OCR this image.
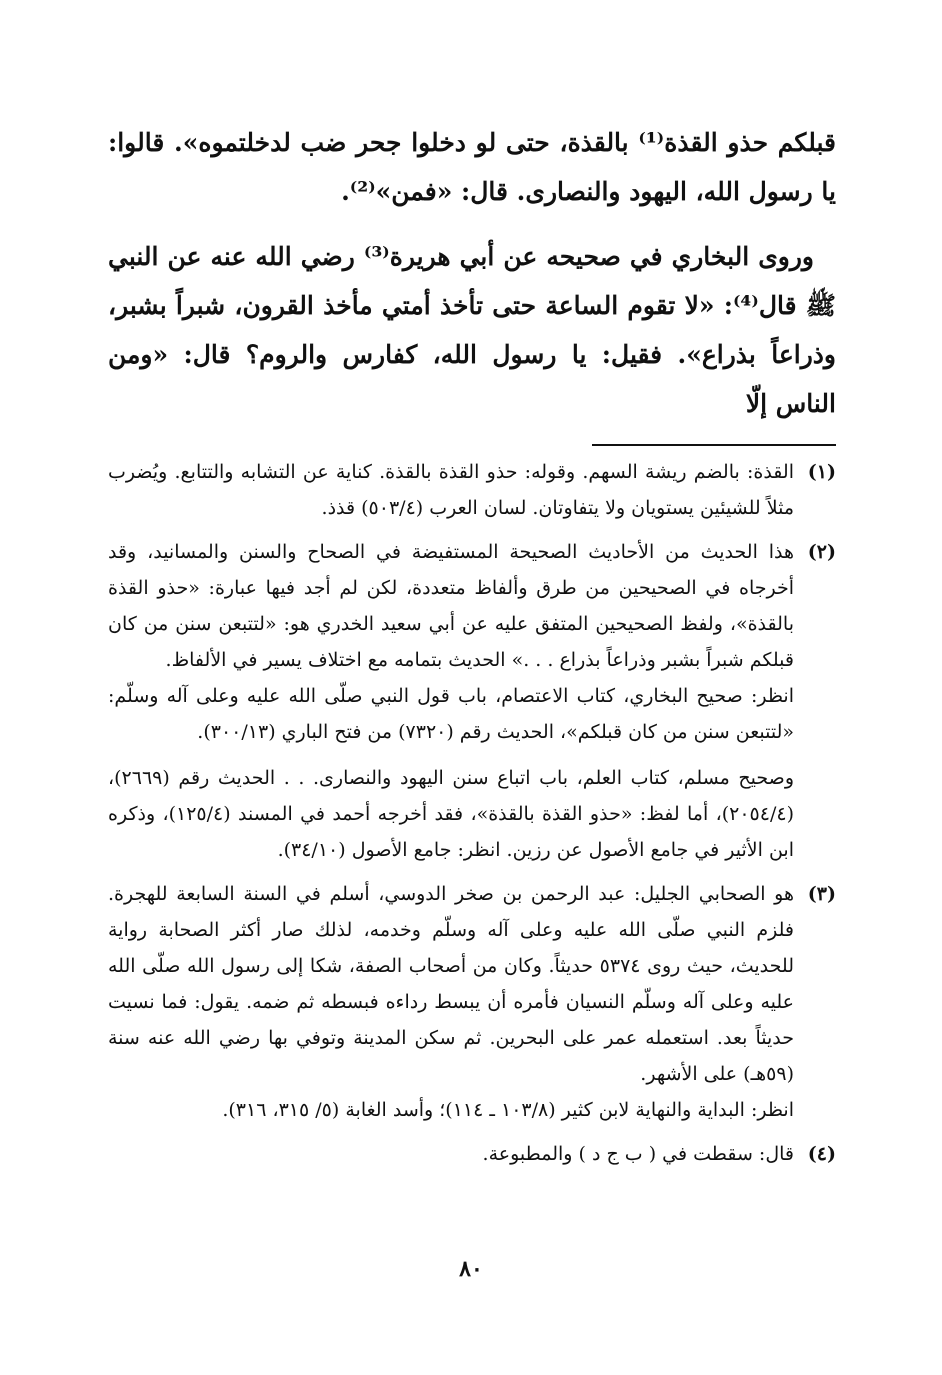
قبلكم حذو القذة⁽¹⁾ بالقذة، حتى لو دخلوا جحر ضب لدخلتموه». قالوا: يا رسول الله، اليهود والنصارى. قال: «فمن»⁽²⁾.

وروى البخاري في صحيحه عن أبي هريرة⁽³⁾ رضي الله عنه عن النبي ﷺ قال⁽⁴⁾: «لا تقوم الساعة حتى تأخذ أمتي مأخذ القرون، شبراً بشبر، وذراعاً بذراع». فقيل: يا رسول الله، كفارس والروم؟ قال: «ومن الناس إلّا

(١)

القذة: بالضم ريشة السهم. وقوله: حذو القذة بالقذة. كناية عن التشابه والتتابع. ويُضرب مثلاً للشيئين يستويان ولا يتفاوتان. لسان العرب (٥٠٣/٤) قذذ.

(٢)

هذا الحديث من الأحاديث الصحيحة المستفيضة في الصحاح والسنن والمسانيد، وقد أخرجاه في الصحيحين من طرق وألفاظ متعددة، لكن لم أجد فيها عبارة: «حذو القذة بالقذة»، ولفظ الصحيحين المتفق عليه عن أبي سعيد الخدري هو: «لتتبعن سنن من كان قبلكم شبراً بشبر وذراعاً بذراع . . .» الحديث بتمامه مع اختلاف يسير في الألفاظ.

انظر: صحيح البخاري، كتاب الاعتصام، باب قول النبي صلّى الله عليه وعلى آله وسلّم: «لتتبعن سنن من كان قبلكم»، الحديث رقم (٧٣٢٠) من فتح الباري (٣٠٠/١٣).

وصحيح مسلم، كتاب العلم، باب اتباع سنن اليهود والنصارى. . . الحديث رقم (٢٦٦٩)، (٢٠٥٤/٤)، أما لفظ: «حذو القذة بالقذة»، فقد أخرجه أحمد في المسند (١٢٥/٤)، وذكره ابن الأثير في جامع الأصول عن رزين. انظر: جامع الأصول (٣٤/١٠).

(٣)

هو الصحابي الجليل: عبد الرحمن بن صخر الدوسي، أسلم في السنة السابعة للهجرة. فلزم النبي صلّى الله عليه وعلى آله وسلّم وخدمه، لذلك صار أكثر الصحابة رواية للحديث، حيث روى ٥٣٧٤ حديثاً. وكان من أصحاب الصفة، شكا إلى رسول الله صلّى الله عليه وعلى آله وسلّم النسيان فأمره أن يبسط رداءه فبسطه ثم ضمه. يقول: فما نسيت حديثاً بعد. استعمله عمر على البحرين. ثم سكن المدينة وتوفي بها رضي الله عنه سنة (٥٩هـ) على الأشهر.

انظر: البداية والنهاية لابن كثير (١٠٣/٨ ـ ١١٤)؛ وأسد الغابة (٥/ ٣١٥، ٣١٦).

(٤)

قال: سقطت في ( ب ج د ) والمطبوعة.

٨٠
